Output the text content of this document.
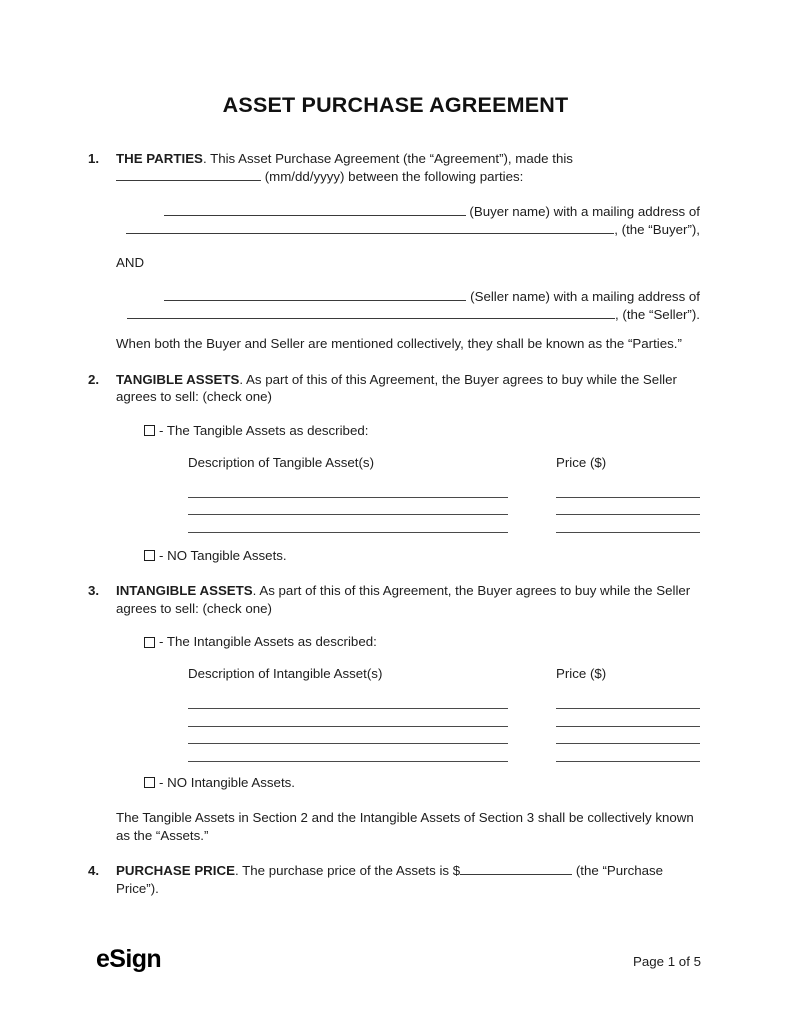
ASSET PURCHASE AGREEMENT
1. THE PARTIES. This Asset Purchase Agreement (the “Agreement”), made this
(mm/dd/yyyy) between the following parties:
(Buyer name) with a mailing address of
, (the “Buyer”),
AND
(Seller name) with a mailing address of
, (the “Seller”).
When both the Buyer and Seller are mentioned collectively, they shall be known as the “Parties.”
2. TANGIBLE ASSETS. As part of this of this Agreement, the Buyer agrees to buy while the Seller agrees to sell: (check one)
- The Tangible Assets as described:
Description of Tangible Asset(s)	Price ($)
- NO Tangible Assets.
3. INTANGIBLE ASSETS. As part of this of this Agreement, the Buyer agrees to buy while the Seller agrees to sell: (check one)
- The Intangible Assets as described:
Description of Intangible Asset(s)	Price ($)
- NO Intangible Assets.
The Tangible Assets in Section 2 and the Intangible Assets of Section 3 shall be collectively known as the “Assets.”
4. PURCHASE PRICE. The purchase price of the Assets is $	(the “Purchase Price”).
eSign	Page 1 of 5
